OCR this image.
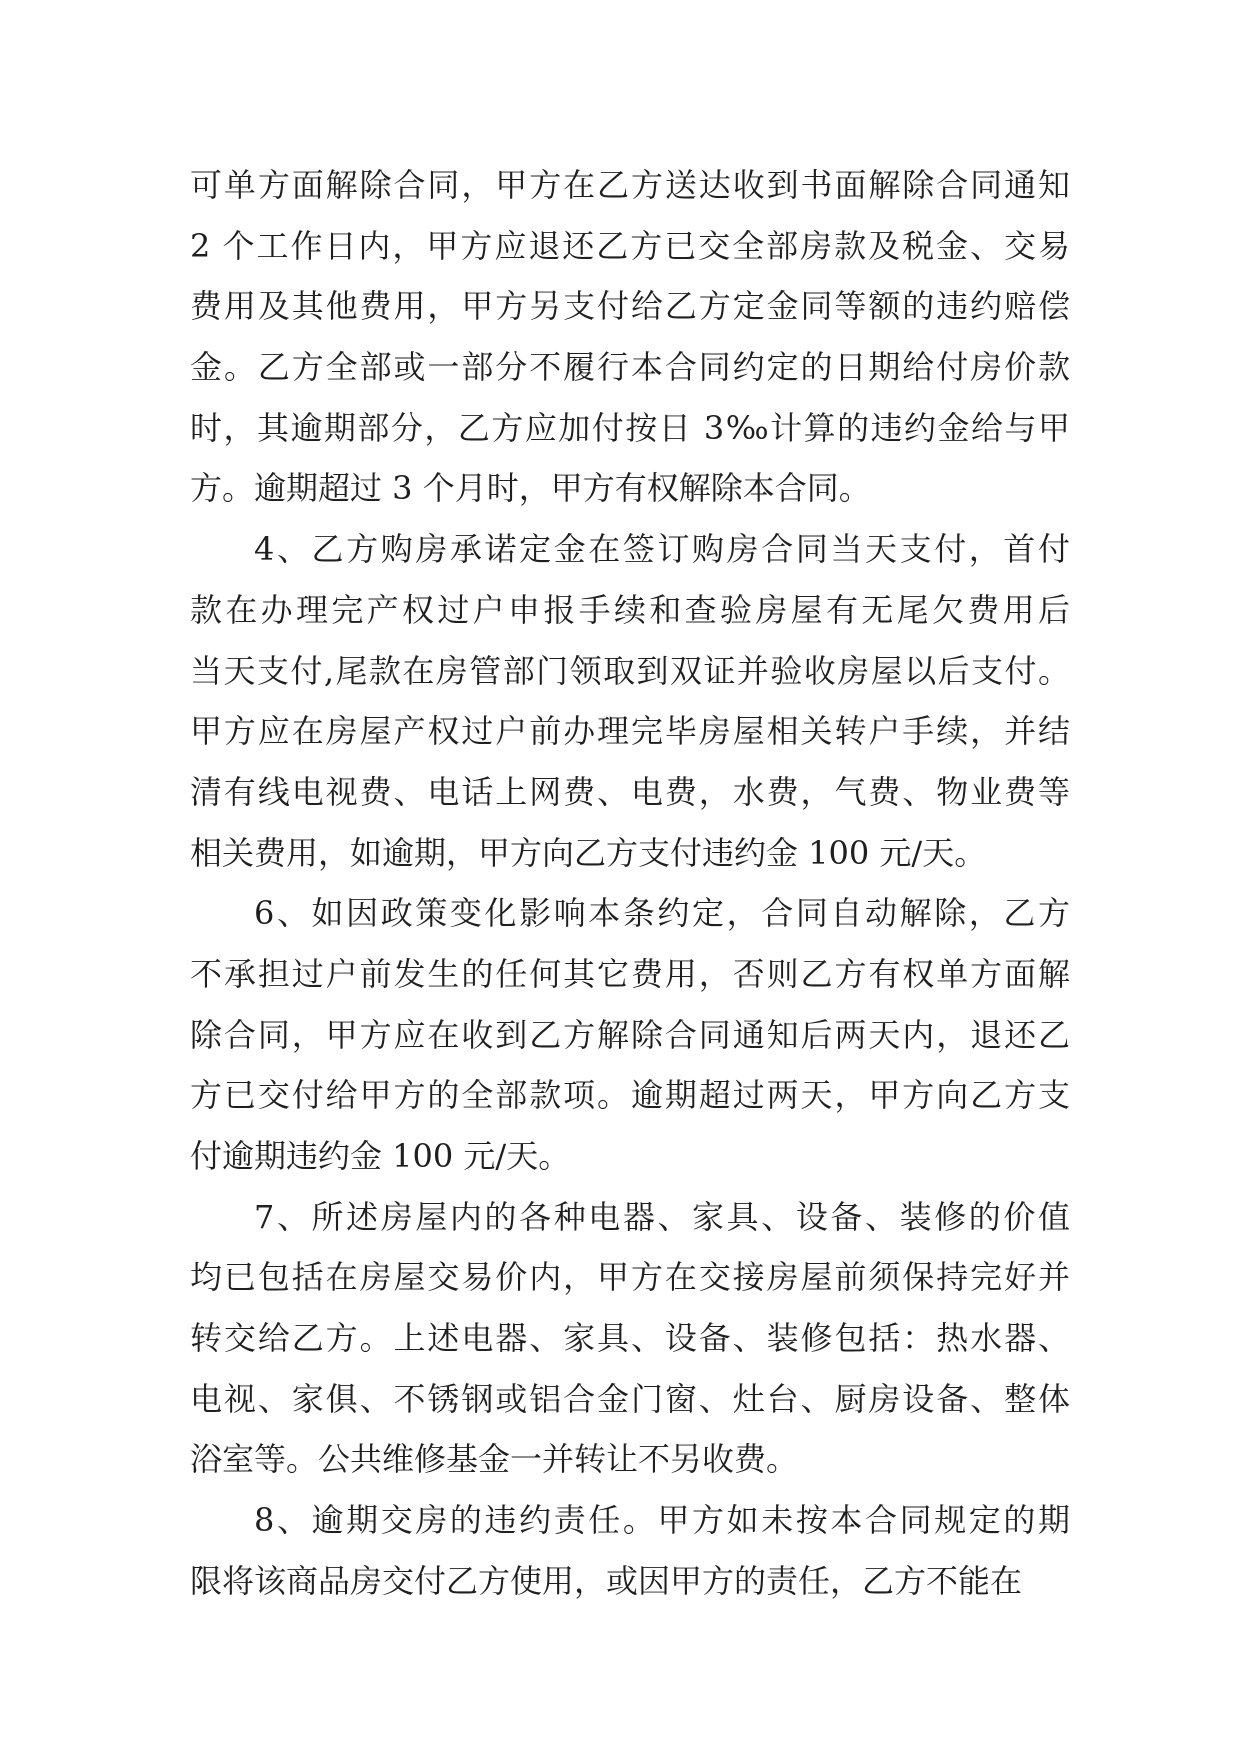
可单方面解除合同，甲方在乙方送达收到书面解除合同通知
2 个工作日内，甲方应退还乙方已交全部房款及税金、交易
费用及其他费用，甲方另支付给乙方定金同等额的违约赔偿
金。乙方全部或一部分不履行本合同约定的日期给付房价款
时，其逾期部分，乙方应加付按日 3‰计算的违约金给与甲
方。逾期超过 3 个月时，甲方有权解除本合同。
4、乙方购房承诺定金在签订购房合同当天支付，首付
款在办理完产权过户申报手续和查验房屋有无尾欠费用后
当天支付,尾款在房管部门领取到双证并验收房屋以后支付。
甲方应在房屋产权过户前办理完毕房屋相关转户手续，并结
清有线电视费、电话上网费、电费，水费，气费、物业费等
相关费用，如逾期，甲方向乙方支付违约金 100 元/天。
6、如因政策变化影响本条约定，合同自动解除，乙方
不承担过户前发生的任何其它费用，否则乙方有权单方面解
除合同，甲方应在收到乙方解除合同通知后两天内，退还乙
方已交付给甲方的全部款项。逾期超过两天，甲方向乙方支
付逾期违约金 100 元/天。
7、所述房屋内的各种电器、家具、设备、装修的价值
均已包括在房屋交易价内，甲方在交接房屋前须保持完好并
转交给乙方。上述电器、家具、设备、装修包括：热水器、
电视、家俱、不锈钢或铝合金门窗、灶台、厨房设备、整体
浴室等。公共维修基金一并转让不另收费。
8、逾期交房的违约责任。甲方如未按本合同规定的期
限将该商品房交付乙方使用，或因甲方的责任，乙方不能在
